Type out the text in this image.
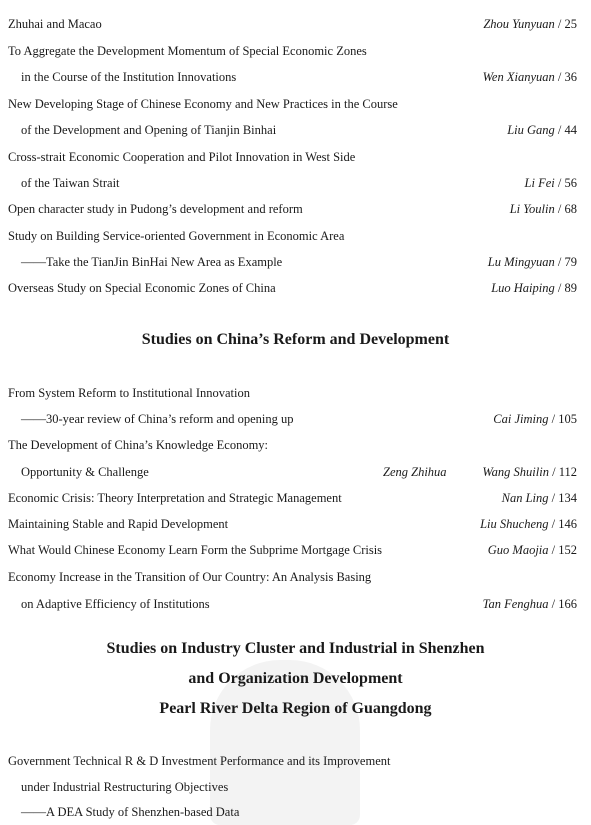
Zhuhai and Macao	Zhou Yunyuan / 25
To Aggregate the Development Momentum of Special Economic Zones
in the Course of the Institution Innovations	Wen Xianyuan / 36
New Developing Stage of Chinese Economy and New Practices in the Course
of the Development and Opening of Tianjin Binhai	Liu Gang / 44
Cross-strait Economic Cooperation and Pilot Innovation in West Side
of the Taiwan Strait	Li Fei / 56
Open character study in Pudong’s development and reform	Li Youlin / 68
Study on Building Service-oriented Government in Economic Area
——Take the TianJin BinHai New Area as Example	Lu Mingyuan / 79
Overseas Study on Special Economic Zones of China	Luo Haiping / 89
Studies on China’s Reform and Development
From System Reform to Institutional Innovation
——30-year review of China’s reform and opening up	Cai Jiming / 105
The Development of China’s Knowledge Economy:
Opportunity & Challenge	Zeng Zhihua	Wang Shuilin / 112
Economic Crisis: Theory Interpretation and Strategic Management	Nan Ling / 134
Maintaining Stable and Rapid Development	Liu Shucheng / 146
What Would Chinese Economy Learn Form the Subprime Mortgage Crisis	Guo Maojia / 152
Economy Increase in the Transition of Our Country: An Analysis Basing
on Adaptive Efficiency of Institutions	Tan Fenghua / 166
Studies on Industry Cluster and Industrial in Shenzhen
and Organization Development
Pearl River Delta Region of Guangdong
Government Technical R & D Investment Performance and its Improvement
under Industrial Restructuring Objectives
——A DEA Study of Shenzhen-based Data
